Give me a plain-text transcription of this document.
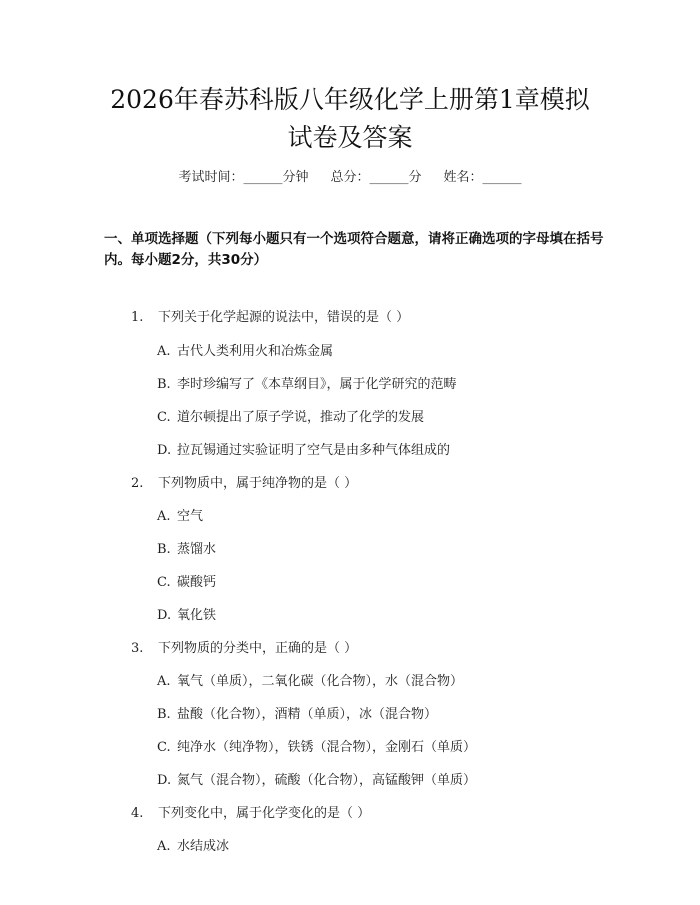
2026年春苏科版八年级化学上册第1章模拟
试卷及答案
考试时间：______分钟 总分：______分 姓名：______
一、单项选择题（下列每小题只有一个选项符合题意，请将正确选项的字母填在括号内。每小题2分，共30分）
1. 下列关于化学起源的说法中，错误的是（ ）
A. 古代人类利用火和冶炼金属
B. 李时珍编写了《本草纲目》，属于化学研究的范畴
C. 道尔顿提出了原子学说，推动了化学的发展
D. 拉瓦锡通过实验证明了空气是由多种气体组成的
2. 下列物质中，属于纯净物的是（ ）
A. 空气
B. 蒸馏水
C. 碳酸钙
D. 氧化铁
3. 下列物质的分类中，正确的是（ ）
A. 氧气（单质），二氧化碳（化合物），水（混合物）
B. 盐酸（化合物），酒精（单质），冰（混合物）
C. 纯净水（纯净物），铁锈（混合物），金刚石（单质）
D. 氮气（混合物），硫酸（化合物），高锰酸钾（单质）
4. 下列变化中，属于化学变化的是（ ）
A. 水结成冰
